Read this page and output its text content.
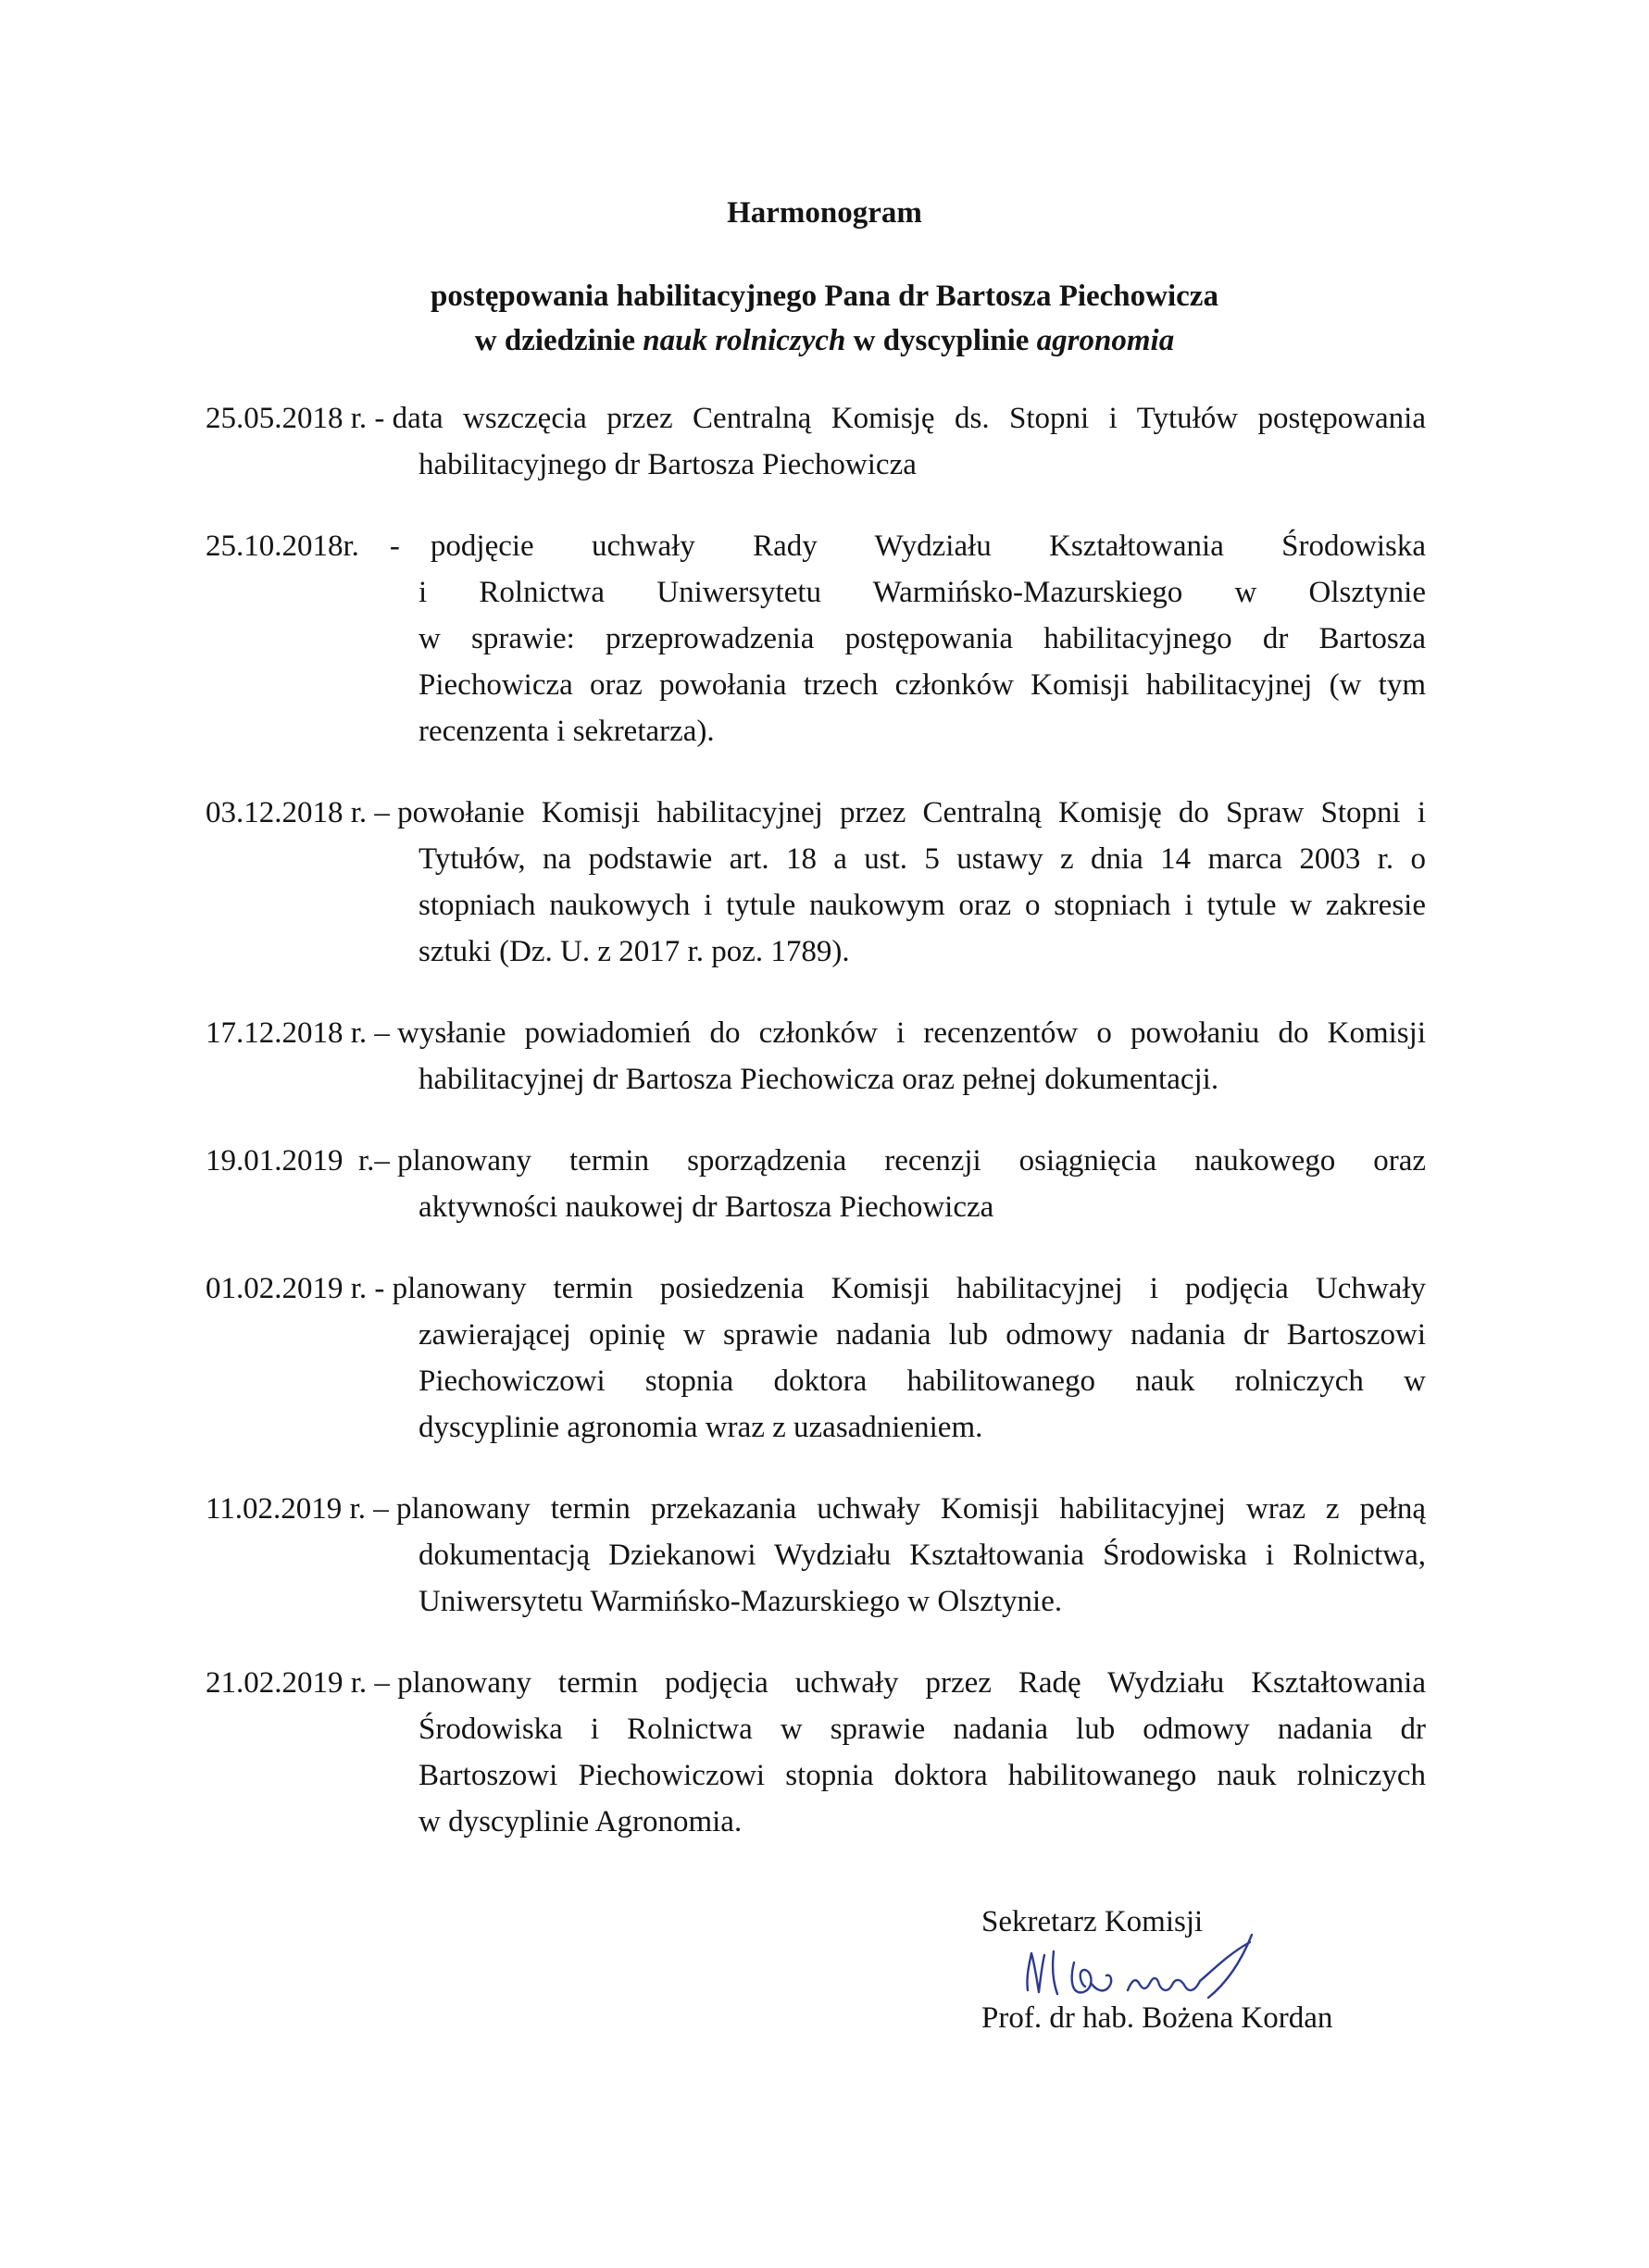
Harmonogram
postępowania habilitacyjnego Pana dr Bartosza Piechowicza
w dziedzinie nauk rolniczych w dyscyplinie agronomia
25.05.2018 r. - data wszczęcia przez Centralną Komisję ds. Stopni i Tytułów postępowania
habilitacyjnego dr Bartosza Piechowicza
25.10.2018r.    - podjęcie uchwały Rady Wydziału Kształtowania Środowiska
i Rolnictwa Uniwersytetu Warmińsko-Mazurskiego w Olsztynie
w sprawie: przeprowadzenia postępowania habilitacyjnego dr Bartosza
Piechowicza oraz powołania trzech członków Komisji habilitacyjnej (w tym
recenzenta i sekretarza).
03.12.2018 r. – powołanie Komisji habilitacyjnej przez Centralną Komisję do Spraw Stopni i
Tytułów, na podstawie art. 18 a ust. 5 ustawy z dnia 14 marca 2003 r. o
stopniach naukowych i tytule naukowym oraz o stopniach i tytule w zakresie
sztuki (Dz. U. z 2017 r. poz. 1789).
17.12.2018 r. – wysłanie powiadomień do członków i recenzentów o powołaniu do Komisji
habilitacyjnej dr Bartosza Piechowicza oraz pełnej dokumentacji.
19.01.2019  r.– planowany termin sporządzenia recenzji osiągnięcia naukowego oraz
aktywności naukowej dr Bartosza Piechowicza
01.02.2019 r. - planowany termin posiedzenia Komisji habilitacyjnej i podjęcia Uchwały
zawierającej opinię w sprawie nadania lub odmowy nadania dr Bartoszowi
Piechowiczowi stopnia doktora habilitowanego nauk rolniczych w
dyscyplinie agronomia wraz z uzasadnieniem.
11.02.2019 r. – planowany termin przekazania uchwały Komisji habilitacyjnej wraz z pełną
dokumentacją Dziekanowi Wydziału Kształtowania Środowiska i Rolnictwa,
Uniwersytetu Warmińsko-Mazurskiego w Olsztynie.
21.02.2019 r. – planowany termin podjęcia uchwały przez Radę Wydziału Kształtowania
Środowiska i Rolnictwa w sprawie nadania lub odmowy nadania dr
Bartoszowi Piechowiczowi stopnia doktora habilitowanego nauk rolniczych
w dyscyplinie Agronomia.
Sekretarz Komisji

Prof. dr hab. Bożena Kordan
